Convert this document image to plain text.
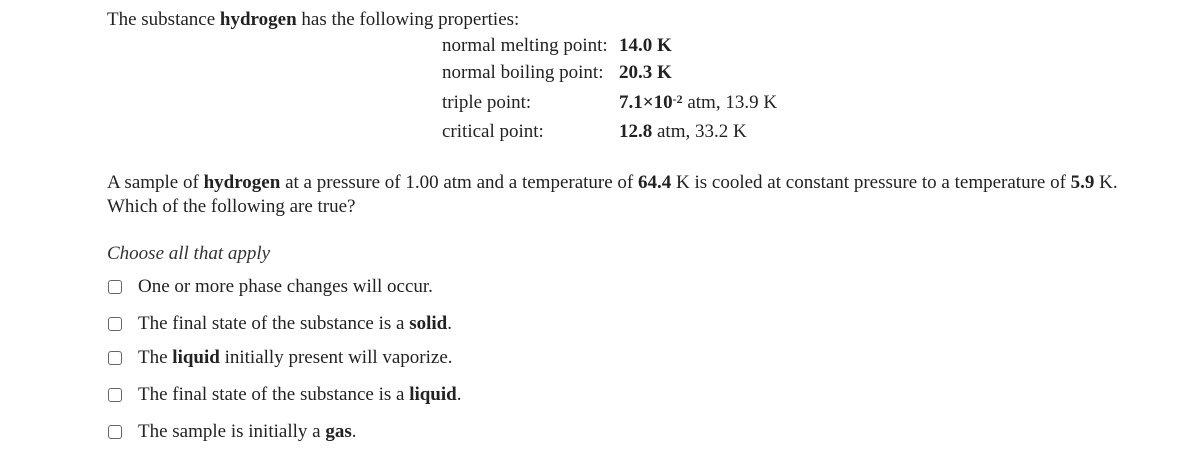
The substance hydrogen has the following properties:
normal melting point: 14.0 K
normal boiling point: 20.3 K
triple point:	$7.1\times 10^{-2}$ atm, 13.9 K
critical point:	12.8 atm, 33.2 K
A sample of hydrogen at a pressure of 1.00 atm and a temperature of 64.4 K is cooled at constant pressure to a temperature of 5.9 K. Which of the following are true?
Choose all that apply
One or more phase changes will occur.
The final state of the substance is a solid.
The liquid initially present will vaporize.
The final state of the substance is a liquid.
The sample is initially a gas.
